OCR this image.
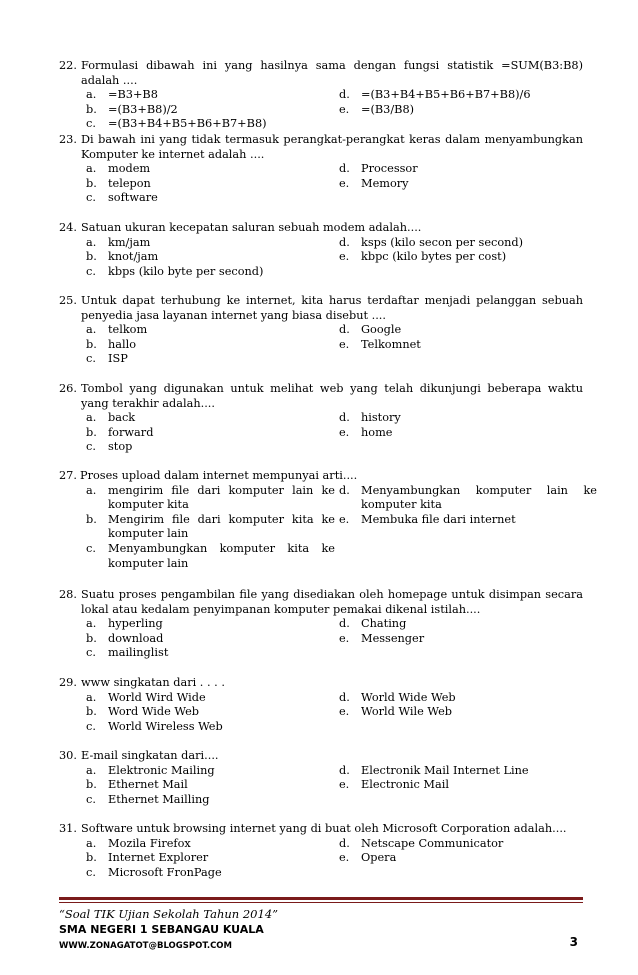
22. Formulasi dibawah ini yang hasilnya sama dengan fungsi statistik =SUM(B3:B8) adalah ....
a.	=B3+B8
b. =(B3+B8)/2
c.	=(B3+B4+B5+B6+B7+B8)
d. =(B3+B4+B5+B6+B7+B8)/6
e.	=(B3/B8)
23. Di bawah ini yang tidak termasuk perangkat-perangkat keras dalam menyambungkan Komputer ke internet adalah ....
a.	modem
b. telepon
c.	software
d. Processor
e.	Memory
24. Satuan ukuran kecepatan saluran sebuah modem adalah....
a.	km/jam
b. knot/jam
c.	kbps (kilo byte per second)
d. ksps (kilo secon per second)
e.	kbpc (kilo bytes per cost)
25. Untuk dapat terhubung ke internet, kita harus terdaftar menjadi pelanggan sebuah penyedia jasa layanan internet yang biasa disebut ....
a.	telkom
b. hallo
c.	ISP
d. Google
e.	Telkomnet
26. Tombol yang digunakan untuk melihat web yang telah dikunjungi beberapa waktu yang terakhir adalah....
a.	back
b. forward
c.	stop
d. history
e.	home
27. Proses upload dalam internet mempunyai arti....
a.	mengirim file dari komputer lain ke komputer kita
b. Mengirim file dari komputer kita ke komputer lain
c.	Menyambungkan komputer kita ke komputer lain
d. Menyambungkan komputer lain ke komputer kita
e.	Membuka file dari internet
28. Suatu proses pengambilan file yang disediakan oleh homepage untuk disimpan secara lokal atau kedalam penyimpanan komputer pemakai dikenal istilah....
a.	hyperling
b. download
c.	mailinglist
d. Chating
e.	Messenger
29. www singkatan dari . . . .
a.	World Wird Wide
b. Word Wide Web
c.	World Wireless Web
d. World Wide Web
e.	World Wile Web
30. E-mail singkatan dari....
a.	Elektronic Mailing
b. Ethernet Mail
c.	Ethernet Mailling
d. Electronik Mail Internet Line
e.	Electronic Mail
31. Software untuk browsing internet yang di buat oleh Microsoft Corporation adalah....
a.	Mozila Firefox
b. Internet Explorer
c.	Microsoft FronPage
d. Netscape Communicator
e.	Opera
“Soal TIK Ujian Sekolah Tahun 2014”
SMA NEGERI 1 SEBANGAU KUALA
WWW.ZONAGATOT@BLOGSPOT.COM	3
